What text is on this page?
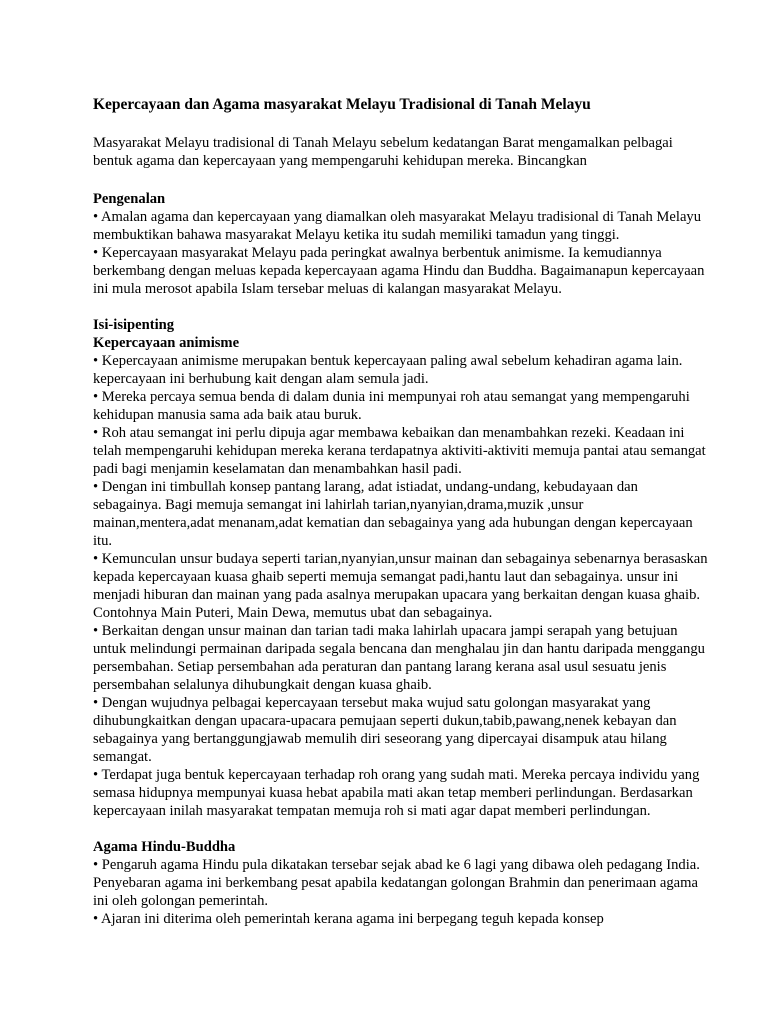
Kepercayaan dan Agama masyarakat Melayu Tradisional di Tanah Melayu

Masyarakat Melayu tradisional di Tanah Melayu sebelum kedatangan Barat mengamalkan pelbagai bentuk agama dan kepercayaan yang mempengaruhi kehidupan mereka. Bincangkan

Pengenalan

• Amalan agama dan kepercayaan yang diamalkan oleh masyarakat Melayu tradisional di Tanah Melayu membuktikan bahawa masyarakat Melayu ketika itu sudah memiliki tamadun yang tinggi.

• Kepercayaan masyarakat Melayu pada peringkat awalnya berbentuk animisme. Ia kemudiannya berkembang dengan meluas kepada kepercayaan agama Hindu dan Buddha. Bagaimanapun kepercayaan ini mula merosot apabila Islam tersebar meluas di kalangan masyarakat Melayu.

Isi-isipenting
Kepercayaan animisme

• Kepercayaan animisme merupakan bentuk kepercayaan paling awal sebelum kehadiran agama lain. kepercayaan ini berhubung kait dengan alam semula jadi.

• Mereka percaya semua benda di dalam dunia ini mempunyai roh atau semangat yang mempengaruhi kehidupan manusia sama ada baik atau buruk.

• Roh atau semangat ini perlu dipuja agar membawa kebaikan dan menambahkan rezeki. Keadaan ini telah mempengaruhi kehidupan mereka kerana terdapatnya aktiviti-aktiviti memuja pantai atau semangat padi bagi menjamin keselamatan dan menambahkan hasil padi.

• Dengan ini timbullah konsep pantang larang, adat istiadat, undang-undang, kebudayaan dan sebagainya. Bagi memuja semangat ini lahirlah tarian,nyanyian,drama,muzik ,unsur mainan,mentera,adat menanam,adat kematian dan sebagainya yang ada hubungan dengan kepercayaan itu.

• Kemunculan unsur budaya seperti tarian,nyanyian,unsur mainan dan sebagainya sebenarnya berasaskan kepada kepercayaan kuasa ghaib seperti memuja semangat padi,hantu laut dan sebagainya. unsur ini menjadi hiburan dan mainan yang pada asalnya merupakan upacara yang berkaitan dengan kuasa ghaib. Contohnya Main Puteri, Main Dewa, memutus ubat dan sebagainya.

• Berkaitan dengan unsur mainan dan tarian tadi maka lahirlah upacara jampi serapah yang betujuan untuk melindungi permainan daripada segala bencana dan menghalau jin dan hantu daripada menggangu persembahan. Setiap persembahan ada peraturan dan pantang larang kerana asal usul sesuatu jenis persembahan selalunya dihubungkait dengan kuasa ghaib.

• Dengan wujudnya pelbagai kepercayaan tersebut maka wujud satu golongan masyarakat yang dihubungkaitkan dengan upacara-upacara pemujaan seperti dukun,tabib,pawang,nenek kebayan dan sebagainya yang bertanggungjawab memulih diri seseorang yang dipercayai disampuk atau hilang semangat.

• Terdapat juga bentuk kepercayaan terhadap roh orang yang sudah mati. Mereka percaya individu yang semasa hidupnya mempunyai kuasa hebat apabila mati akan tetap memberi perlindungan. Berdasarkan kepercayaan inilah masyarakat tempatan memuja roh si mati agar dapat memberi perlindungan.

Agama Hindu-Buddha

• Pengaruh agama Hindu pula dikatakan tersebar sejak abad ke 6 lagi yang dibawa oleh pedagang India. Penyebaran agama ini berkembang pesat apabila kedatangan golongan Brahmin dan penerimaan agama ini oleh golongan pemerintah.

• Ajaran ini diterima oleh pemerintah kerana agama ini berpegang teguh kepada konsep
